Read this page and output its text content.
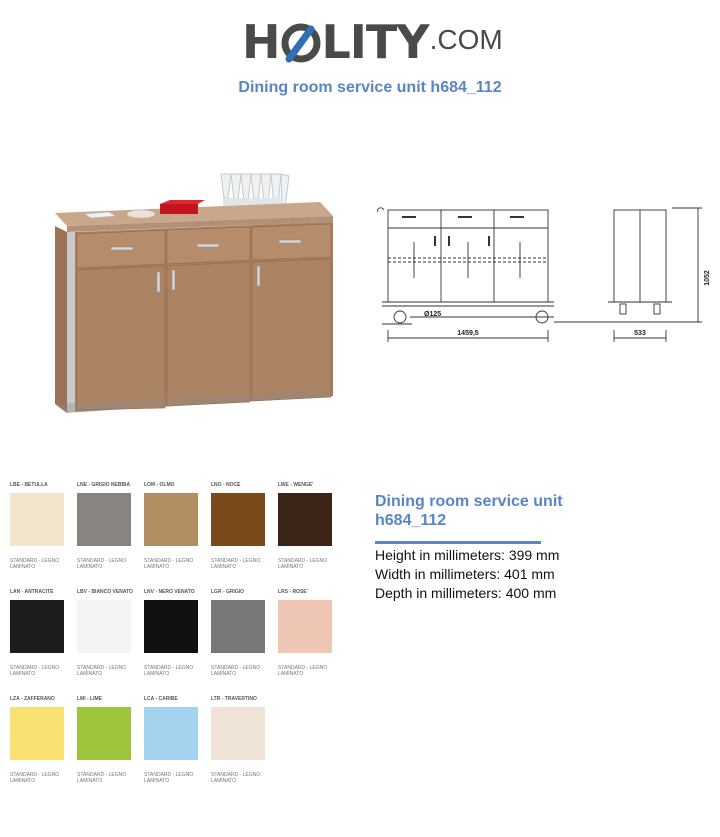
H LITY .COM
Dining room service unit h684_112
Ø125
1459,5	533
1052
LBE - BETULLA
STANDARD - LEGNO LAMINATO
LNE - GRIGIO NEBBIA
STANDARD - LEGNO LAMINATO
LOM - OLMO
STANDARD - LEGNO LAMINATO
LNO - NOCE
STANDARD - LEGNO LAMINATO
LWE - WENGE'
STANDARD - LEGNO LAMINATO
LAN - ANTRACITE
STANDARD - LEGNO LAMINATO
LBV - BIANCO VENATO
STANDARD - LEGNO LAMINATO
LNV - NERO VENATO
STANDARD - LEGNO LAMINATO
LGR - GRIGIO
STANDARD - LEGNO LAMINATO
LRS - ROSE'
STANDARD - LEGNO LAMINATO
LZA - ZAFFERANO
STANDARD - LEGNO LAMINATO
LMI - LIME
STANDARD - LEGNO LAMINATO
LCA - CARIBE
STANDARD - LEGNO LAMINATO
LTR - TRAVERTINO
STANDARD - LEGNO LAMINATO
Dining room service unit h684_112
Height in millimeters: 399 mm
Width in millimeters: 401 mm
Depth in millimeters: 400 mm
